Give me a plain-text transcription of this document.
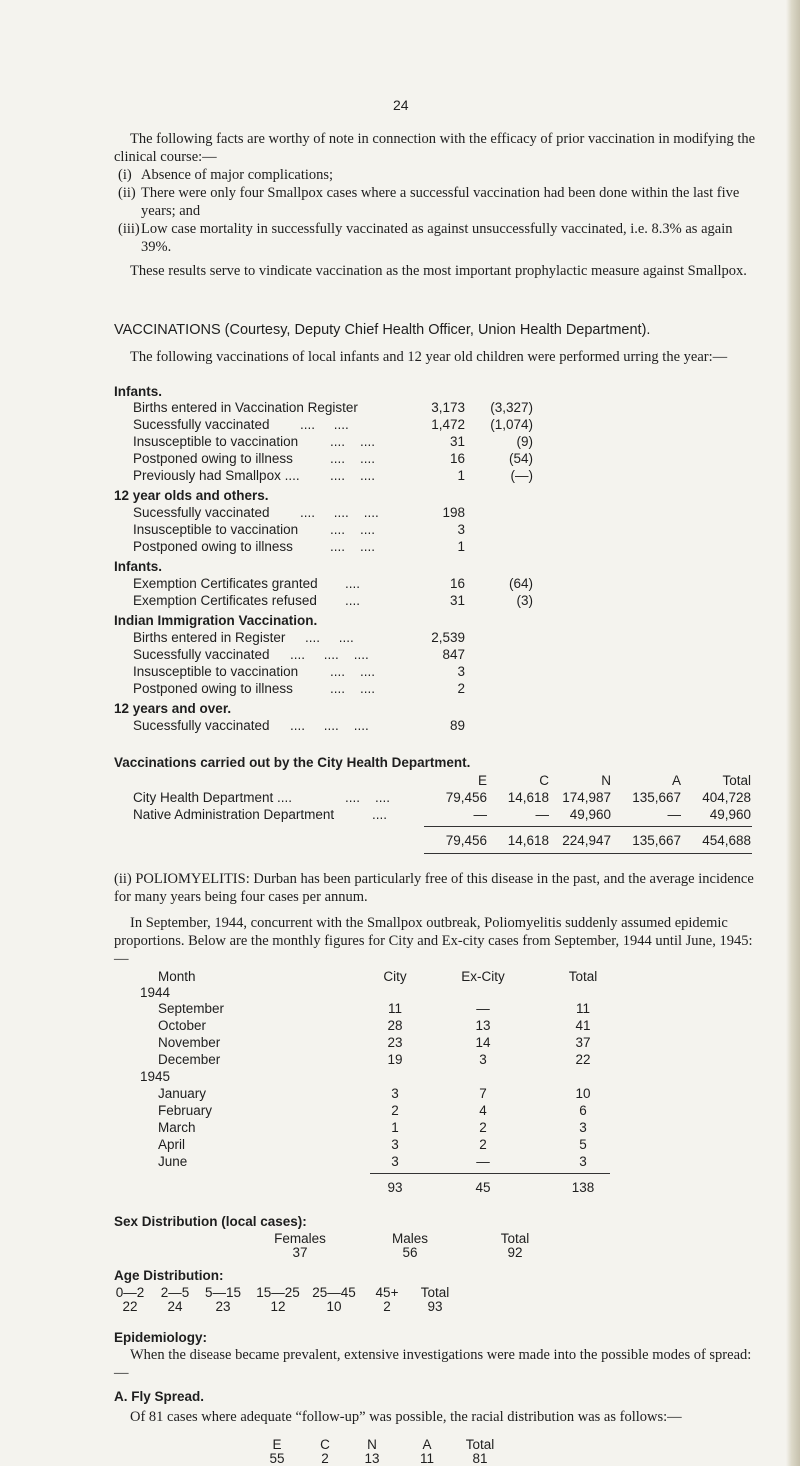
24
The following facts are worthy of note in connection with the efficacy of prior vaccination in modifying the clinical course:—
(i) Absence of major complications;
(ii) There were only four Smallpox cases where a successful vaccination had been done within the last five years; and
(iii) Low case mortality in successfully vaccinated as against unsuccessfully vaccinated, i.e. 8.3% as again 39%.
These results serve to vindicate vaccination as the most important prophylactic measure against Smallpox.
VACCINATIONS (Courtesy, Deputy Chief Health Officer, Union Health Department).
The following vaccinations of local infants and 12 year old children were performed urring the year:—
Infants.
Births entered in Vaccination Register	3,173	(3,327)
Sucessfully vaccinated ....     ....	1,472	(1,074)
Insusceptible to vaccination ....    ....	31	(9)
Postponed owing to illness	....    ....	16	(54)
Previously had Smallpox .... ....    ....	1	(—)
12 year olds and others.
Sucessfully vaccinated ....     ....    ....	198
Insusceptible to vaccination ....    ....	3
Postponed owing to illness	....    ....	1
Infants.
Exemption Certificates granted ....	16	(64)
Exemption Certificates refused ....	31	(3)
Indian Immigration Vaccination.
Births entered in Register ....     ....	2,539
Sucessfully vaccinated ....     ....    ....	847
Insusceptible to vaccination ....    ....	3
Postponed owing to illness	....    ....	2
12 years and over.
Sucessfully vaccinated ....     ....    ....	89
Vaccinations carried out by the City Health Department.
E	C	N	A	Total
City Health Department ....	....    ....	79,456	14,618 174,987	135,667	404,728
Native Administration Department	....	—	—	49,960	—	49,960
79,456	14,618 224,947	135,667	454,688
(ii) POLIOMYELITIS: Durban has been particularly free of this disease in the past, and the average incidence for many years being four cases per annum.
In September, 1944, concurrent with the Smallpox outbreak, Poliomyelitis suddenly assumed epidemic proportions. Below are the monthly figures for City and Ex-city cases from September, 1944 until June, 1945:—
Month	City	Ex-City	Total
1944
September	11	—	11
October	28	13	41
November	23	14	37
December	19	3	22
1945
January	3	7	10
February	2	4	6
March	1	2	3
April	3	2	5
June	3	—	3
93	45	138
Sex Distribution (local cases):
Females	Males	Total
37	56	92
Age Distribution:
0—2	2—5	5—15	15—25 25—45	45+	Total
22	24	23	12	10	2	93
Epidemiology:
When the disease became prevalent, extensive investigations were made into the possible modes of spread:—
A. Fly Spread.
Of 81 cases where adequate “follow-up” was possible, the racial distribution was as follows:—
E	C	N	A	Total
55	2	13	11	81
